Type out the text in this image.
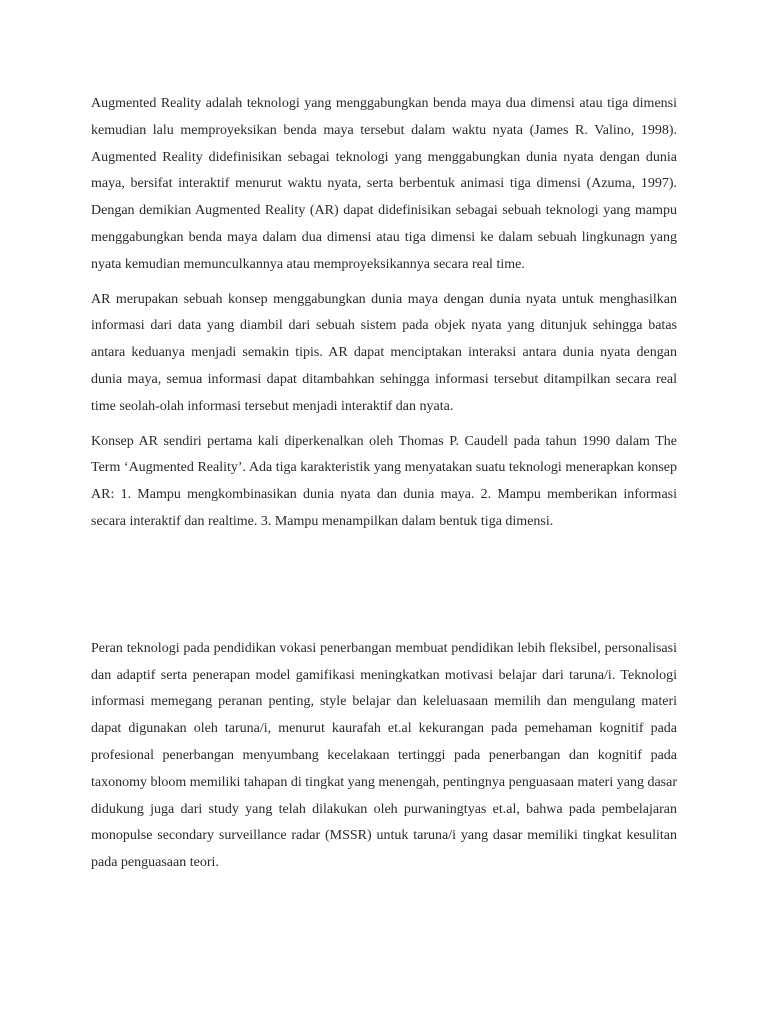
Augmented Reality adalah teknologi yang menggabungkan benda maya dua dimensi atau tiga dimensi kemudian lalu memproyeksikan benda maya tersebut dalam waktu nyata (James R. Valino, 1998). Augmented Reality didefinisikan sebagai teknologi yang menggabungkan dunia nyata dengan dunia maya, bersifat interaktif menurut waktu nyata, serta berbentuk animasi tiga dimensi (Azuma, 1997). Dengan demikian Augmented Reality (AR) dapat didefinisikan sebagai sebuah teknologi yang mampu menggabungkan benda maya dalam dua dimensi atau tiga dimensi ke dalam sebuah lingkunagn yang nyata kemudian memunculkannya atau memproyeksikannya secara real time.

AR merupakan sebuah konsep menggabungkan dunia maya dengan dunia nyata untuk menghasilkan informasi dari data yang diambil dari sebuah sistem pada objek nyata yang ditunjuk sehingga batas antara keduanya menjadi semakin tipis. AR dapat menciptakan interaksi antara dunia nyata dengan dunia maya, semua informasi dapat ditambahkan sehingga informasi tersebut ditampilkan secara real time seolah-olah informasi tersebut menjadi interaktif dan nyata.

Konsep AR sendiri pertama kali diperkenalkan oleh Thomas P. Caudell pada tahun 1990 dalam The Term ‘Augmented Reality’. Ada tiga karakteristik yang menyatakan suatu teknologi menerapkan konsep AR: 1. Mampu mengkombinasikan dunia nyata dan dunia maya. 2. Mampu memberikan informasi secara interaktif dan realtime. 3. Mampu menampilkan dalam bentuk tiga dimensi.

Peran teknologi pada pendidikan vokasi penerbangan membuat pendidikan lebih fleksibel, personalisasi dan adaptif serta penerapan model gamifikasi meningkatkan motivasi belajar dari taruna/i. Teknologi informasi memegang peranan penting, style belajar dan keleluasaan memilih dan mengulang materi dapat digunakan oleh taruna/i, menurut kaurafah et.al kekurangan pada pemehaman kognitif pada profesional penerbangan menyumbang kecelakaan tertinggi pada penerbangan dan kognitif pada taxonomy bloom memiliki tahapan di tingkat yang menengah, pentingnya penguasaan materi yang dasar didukung juga dari study yang telah dilakukan oleh purwaningtyas et.al, bahwa pada pembelajaran monopulse secondary surveillance radar (MSSR) untuk taruna/i yang dasar memiliki tingkat kesulitan pada penguasaan teori.
